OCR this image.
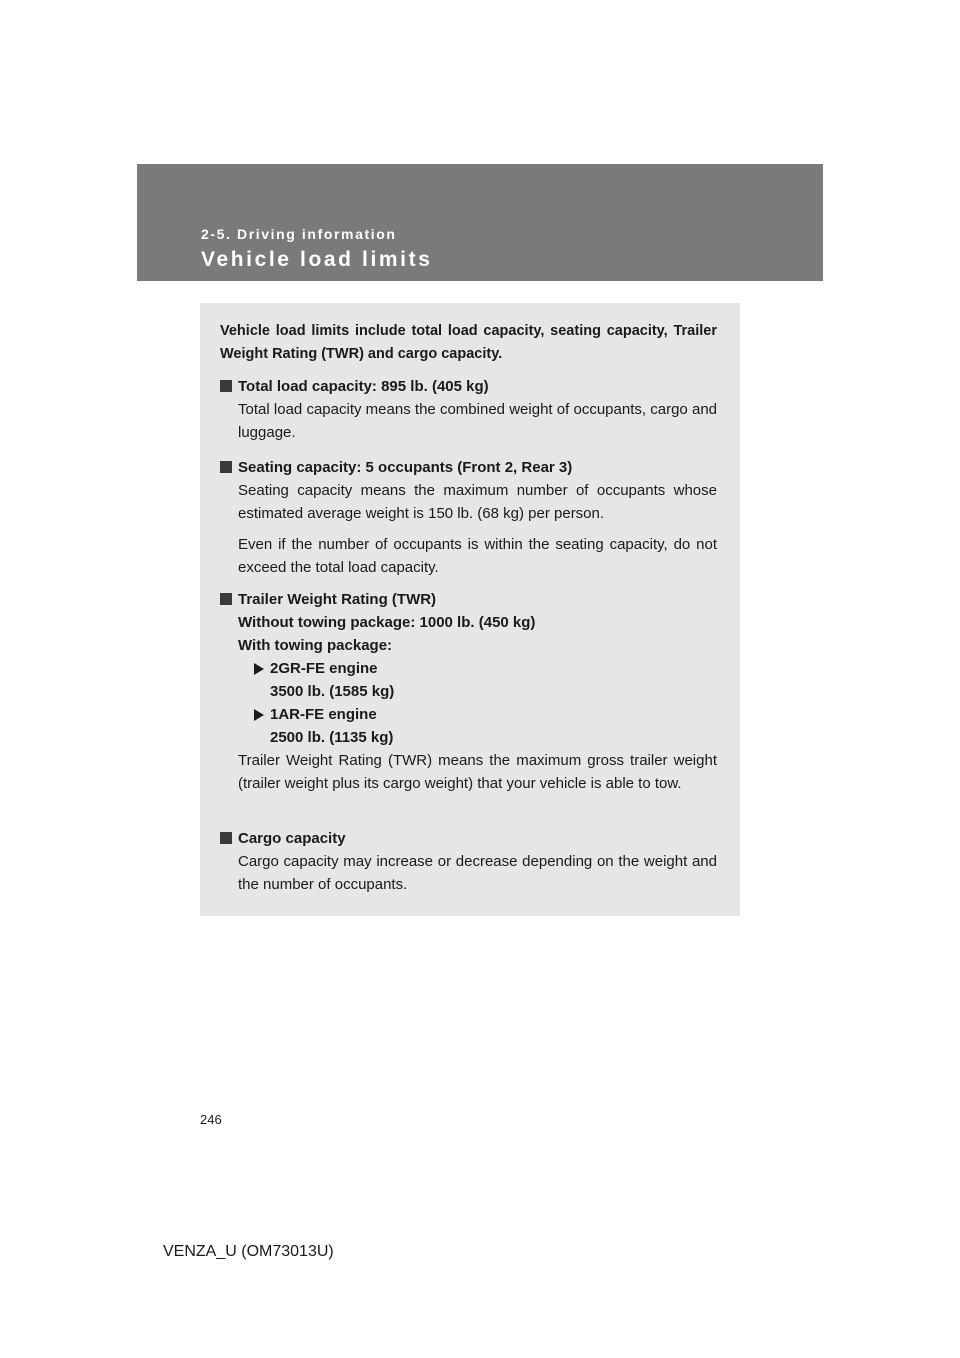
2-5. Driving information
Vehicle load limits
Vehicle load limits include total load capacity, seating capacity, Trailer Weight Rating (TWR) and cargo capacity.
Total load capacity: 895 lb. (405 kg)
Total load capacity means the combined weight of occupants, cargo and luggage.
Seating capacity: 5 occupants (Front 2, Rear 3)
Seating capacity means the maximum number of occupants whose estimated average weight is 150 lb. (68 kg) per person.
Even if the number of occupants is within the seating capacity, do not exceed the total load capacity.
Trailer Weight Rating (TWR)
Without towing package: 1000 lb. (450 kg)
With towing package:
2GR-FE engine
3500 lb. (1585 kg)
1AR-FE engine
2500 lb. (1135 kg)
Trailer Weight Rating (TWR) means the maximum gross trailer weight (trailer weight plus its cargo weight) that your vehicle is able to tow.
Cargo capacity
Cargo capacity may increase or decrease depending on the weight and the number of occupants.
246
VENZA_U (OM73013U)
